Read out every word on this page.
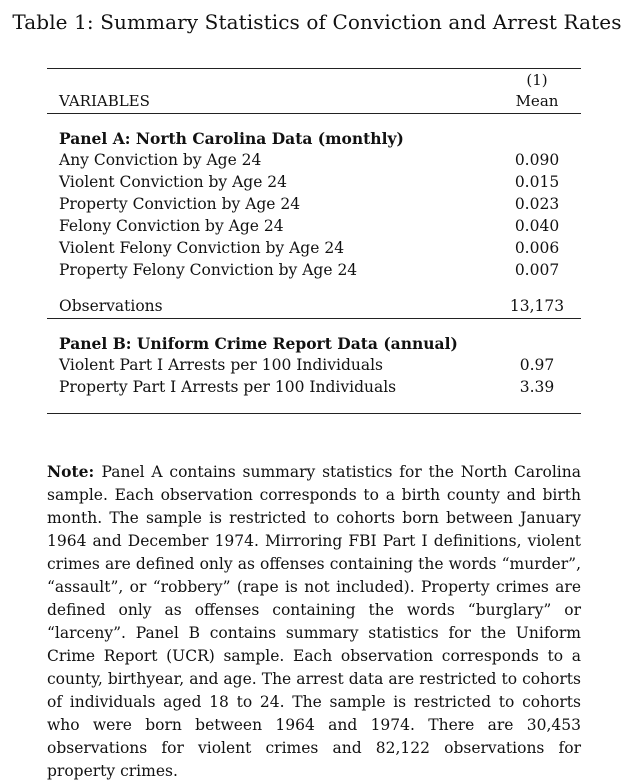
Table 1: Summary Statistics of Conviction and Arrest Rates
(1)
VARIABLES	Mean
Panel A: North Carolina Data (monthly)
Any Conviction by Age 24	0.090
Violent Conviction by Age 24	0.015
Property Conviction by Age 24	0.023
Felony Conviction by Age 24	0.040
Violent Felony Conviction by Age 24	0.006
Property Felony Conviction by Age 24	0.007
Observations	13,173
Panel B: Uniform Crime Report Data (annual)
Violent Part I Arrests per 100 Individuals	0.97
Property Part I Arrests per 100 Individuals	3.39
Note: Panel A contains summary statistics for the North Carolina sample. Each observation corresponds to a birth county and birth month. The sample is restricted to cohorts born between January 1964 and December 1974. Mirroring FBI Part I definitions, violent crimes are defined only as offenses containing the words “murder”, “assault”, or “robbery” (rape is not included). Property crimes are defined only as offenses containing the words “burglary” or “larceny”. Panel B contains summary statistics for the Uniform Crime Report (UCR) sample. Each observation corresponds to a county, birthyear, and age. The arrest data are restricted to cohorts of individuals aged 18 to 24. The sample is restricted to cohorts who were born between 1964 and 1974. There are 30,453 observations for violent crimes and 82,122 observations for property crimes.
